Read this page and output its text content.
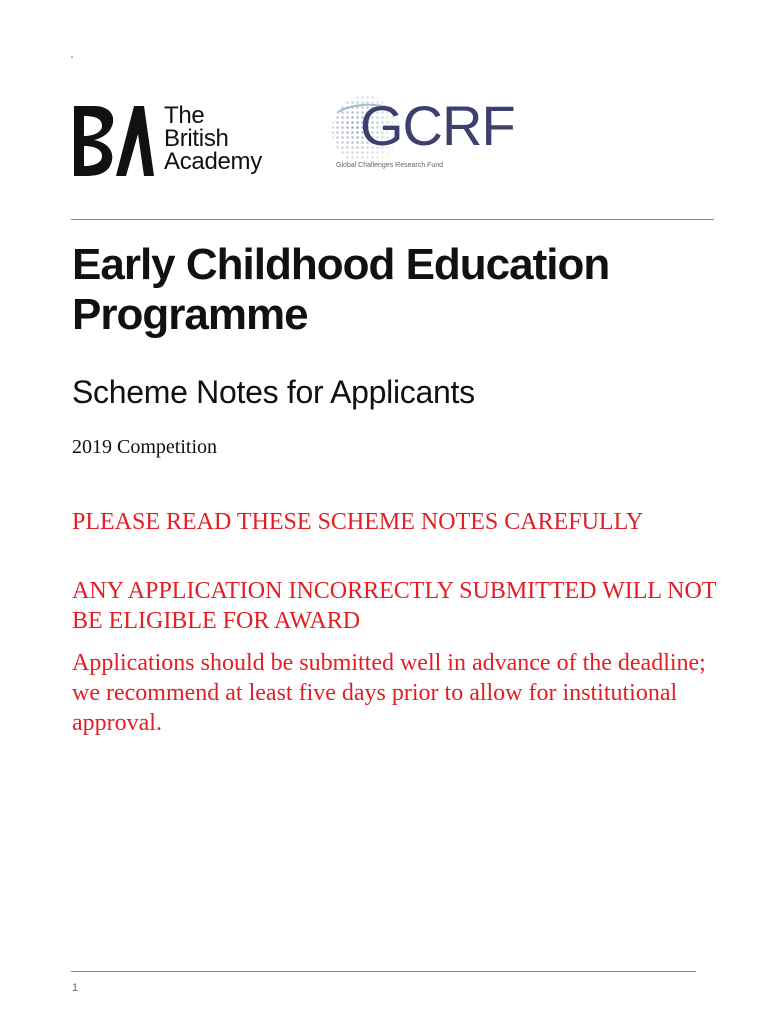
The
British
Academy
GCRF
Global Challenges Research Fund
Early Childhood Education Programme
Scheme Notes for Applicants
2019 Competition

PLEASE READ THESE SCHEME NOTES CAREFULLY

ANY APPLICATION INCORRECTLY SUBMITTED WILL NOT BE ELIGIBLE FOR AWARD

Applications should be submitted well in advance of the deadline; we recommend at least five days prior to allow for institutional approval.

1
